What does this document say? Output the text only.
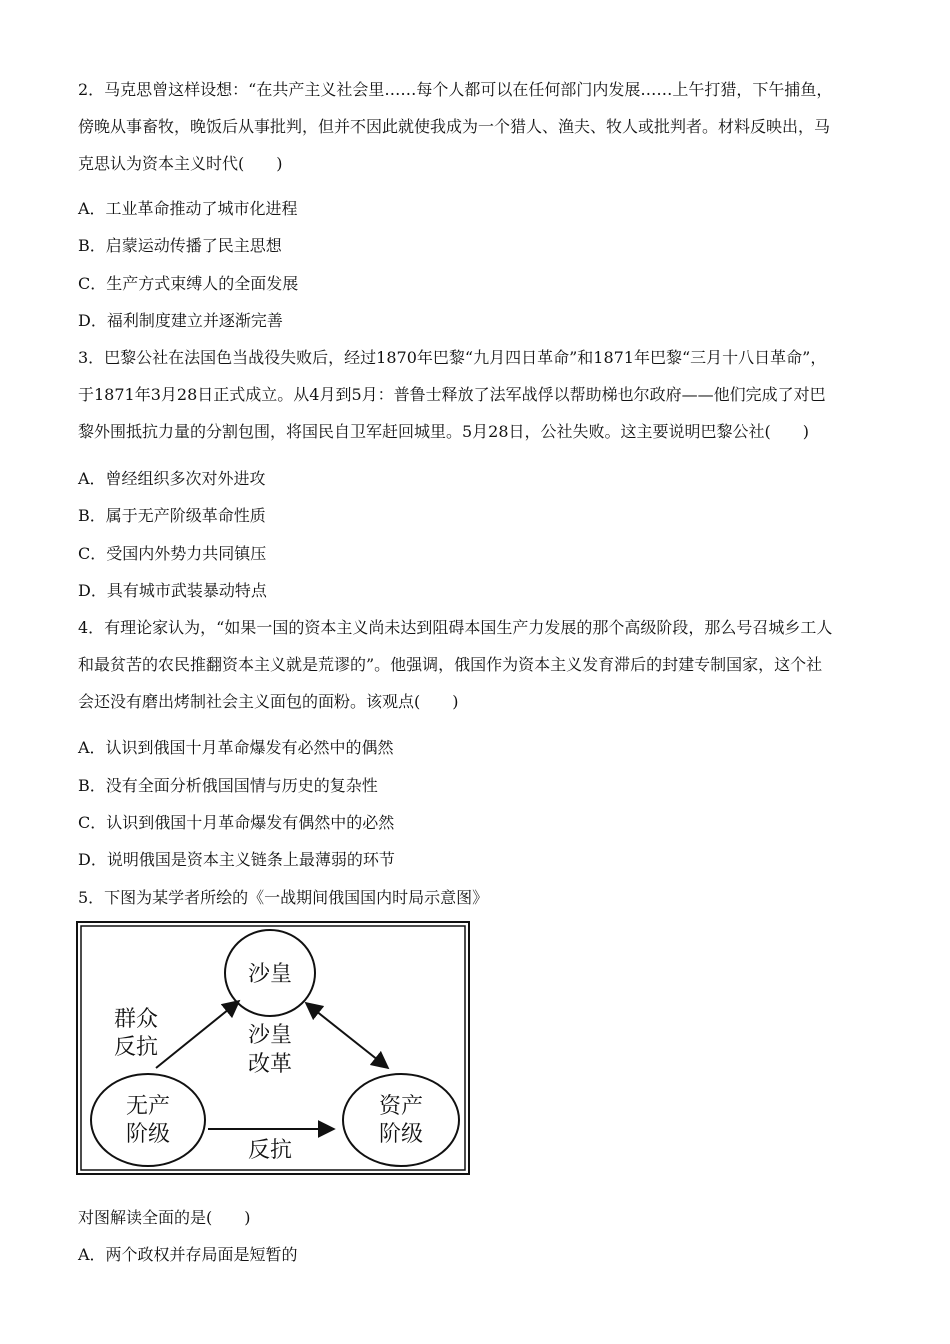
2．马克思曾这样设想：“在共产主义社会里……每个人都可以在任何部门内发展……上午打猎，下午捕鱼，

傍晚从事畜牧，晚饭后从事批判，但并不因此就使我成为一个猎人、渔夫、牧人或批判者。材料反映出，马

克思认为资本主义时代(　　)

A．工业革命推动了城市化进程
B．启蒙运动传播了民主思想
C．生产方式束缚人的全面发展
D．福利制度建立并逐渐完善

3．巴黎公社在法国色当战役失败后，经过1870年巴黎“九月四日革命”和1871年巴黎“三月十八日革命”，

于1871年3月28日正式成立。从4月到5月：普鲁士释放了法军战俘以帮助梯也尔政府——他们完成了对巴

黎外围抵抗力量的分割包围，将国民自卫军赶回城里。5月28日，公社失败。这主要说明巴黎公社(　　)

A．曾经组织多次对外进攻
B．属于无产阶级革命性质
C．受国内外势力共同镇压
D．具有城市武装暴动特点

4．有理论家认为，“如果一国的资本主义尚未达到阻碍本国生产力发展的那个高级阶段，那么号召城乡工人

和最贫苦的农民推翻资本主义就是荒谬的”。他强调，俄国作为资本主义发育滞后的封建专制国家，这个社

会还没有磨出烤制社会主义面包的面粉。该观点(　　)

A．认识到俄国十月革命爆发有必然中的偶然
B．没有全面分析俄国国情与历史的复杂性
C．认识到俄国十月革命爆发有偶然中的必然
D．说明俄国是资本主义链条上最薄弱的环节
5．下图为某学者所绘的《一战期间俄国国内时局示意图》
沙皇
无产
阶级
资产
阶级
群众
反抗	沙皇
改革
反抗
对图解读全面的是(　　)
A．两个政权并存局面是短暂的
